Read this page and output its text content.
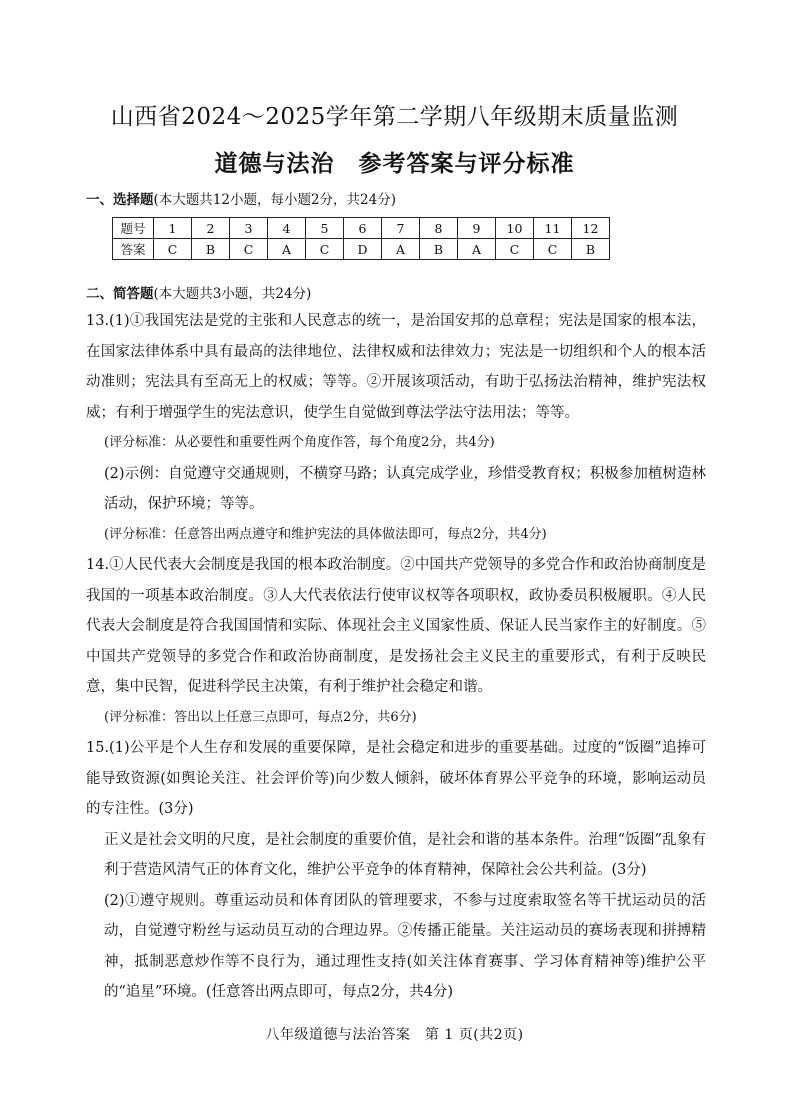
山西省2024～2025学年第二学期八年级期末质量监测
道德与法治　参考答案与评分标准
一、选择题(本大题共12小题，每小题2分，共24分)
题号	1	2	3	4	5	6	7	8	9	10	11	12
答案	C	B	C	A	C	D	A	B	A	C	C	B
二、简答题(本大题共3小题，共24分)

13.(1)①我国宪法是党的主张和人民意志的统一，是治国安邦的总章程；宪法是国家的根本法，在国家法律体系中具有最高的法律地位、法律权威和法律效力；宪法是一切组织和个人的根本活动准则；宪法具有至高无上的权威；等等。②开展该项活动，有助于弘扬法治精神，维护宪法权威；有利于增强学生的宪法意识，使学生自觉做到尊法学法守法用法；等等。

(评分标准：从必要性和重要性两个角度作答，每个角度2分，共4分)

(2)示例：自觉遵守交通规则，不横穿马路；认真完成学业，珍惜受教育权；积极参加植树造林活动，保护环境；等等。

(评分标准：任意答出两点遵守和维护宪法的具体做法即可，每点2分，共4分)

14.①人民代表大会制度是我国的根本政治制度。②中国共产党领导的多党合作和政治协商制度是我国的一项基本政治制度。③人大代表依法行使审议权等各项职权，政协委员积极履职。④人民代表大会制度是符合我国国情和实际、体现社会主义国家性质、保证人民当家作主的好制度。⑤中国共产党领导的多党合作和政治协商制度，是发扬社会主义民主的重要形式，有利于反映民意，集中民智，促进科学民主决策，有利于维护社会稳定和谐。

(评分标准：答出以上任意三点即可，每点2分，共6分)

15.(1)公平是个人生存和发展的重要保障，是社会稳定和进步的重要基础。过度的“饭圈”追捧可能导致资源(如舆论关注、社会评价等)向少数人倾斜，破坏体育界公平竞争的环境，影响运动员的专注性。(3分)

正义是社会文明的尺度，是社会制度的重要价值，是社会和谐的基本条件。治理“饭圈”乱象有利于营造风清气正的体育文化，维护公平竞争的体育精神，保障社会公共利益。(3分)

(2)①遵守规则。尊重运动员和体育团队的管理要求，不参与过度索取签名等干扰运动员的活动，自觉遵守粉丝与运动员互动的合理边界。②传播正能量。关注运动员的赛场表现和拼搏精神，抵制恶意炒作等不良行为，通过理性支持(如关注体育赛事、学习体育精神等)维护公平的“追星”环境。(任意答出两点即可，每点2分，共4分)

八年级道德与法治答案　第 1 页(共2页)
